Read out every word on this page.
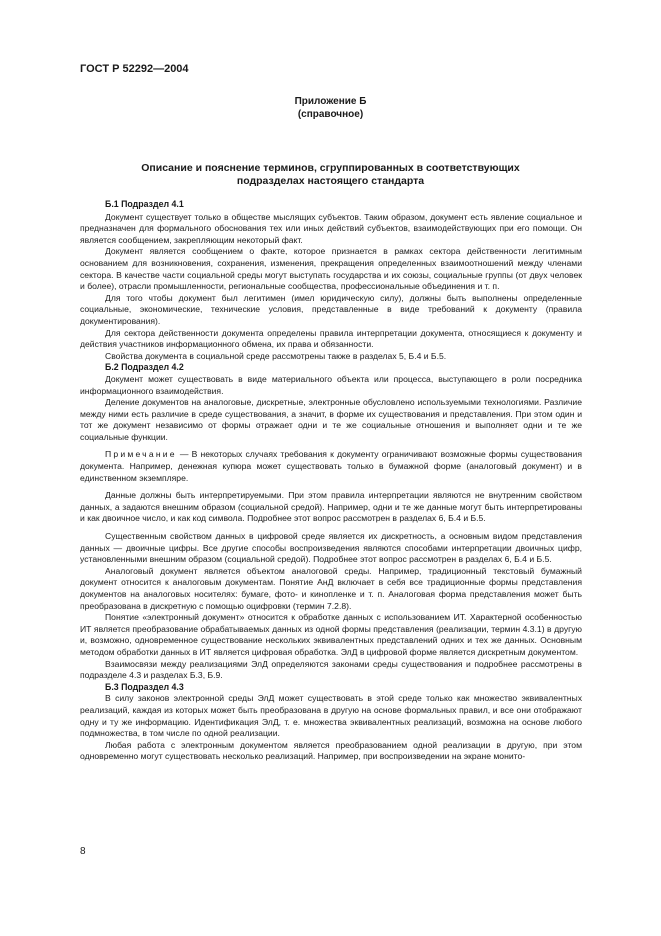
ГОСТ Р 52292—2004
Приложение Б
(справочное)
Описание и пояснение терминов, сгруппированных в соответствующих
подразделах настоящего стандарта
Б.1 Подраздел 4.1

Документ существует только в обществе мыслящих субъектов. Таким образом, документ есть явление социальное и предназначен для формального обоснования тех или иных действий субъектов, взаимодействующих при его помощи. Он является сообщением, закрепляющим некоторый факт.

Документ является сообщением о факте, которое признается в рамках сектора действенности легитимным основанием для возникновения, сохранения, изменения, прекращения определенных взаимоотношений между членами сектора. В качестве части социальной среды могут выступать государства и их союзы, социальные группы (от двух человек и более), отрасли промышленности, региональные сообщества, профессиональные объединения и т. п.

Для того чтобы документ был легитимен (имел юридическую силу), должны быть выполнены определенные социальные, экономические, технические условия, представленные в виде требований к документу (правила документирования).

Для сектора действенности документа определены правила интерпретации документа, относящиеся к документу и действия участников информационного обмена, их права и обязанности.

Свойства документа в социальной среде рассмотрены также в разделах 5, Б.4 и Б.5.

Б.2 Подраздел 4.2

Документ может существовать в виде материального объекта или процесса, выступающего в роли посредника информационного взаимодействия.

Деление документов на аналоговые, дискретные, электронные обусловлено используемыми технологиями. Различие между ними есть различие в среде существования, а значит, в форме их существования и представления. При этом один и тот же документ независимо от формы отражает одни и те же социальные отношения и выполняет одни и те же социальные функции.

Примечание — В некоторых случаях требования к документу ограничивают возможные формы существования документа. Например, денежная купюра может существовать только в бумажной форме (аналоговый документ) и в единственном экземпляре.

Данные должны быть интерпретируемыми. При этом правила интерпретации являются не внутренним свойством данных, а задаются внешним образом (социальной средой). Например, одни и те же данные могут быть интерпретированы и как двоичное число, и как код символа. Подробнее этот вопрос рассмотрен в разделах 6, Б.4 и Б.5.

Существенным свойством данных в цифровой среде является их дискретность, а основным видом представления данных — двоичные цифры. Все другие способы воспроизведения являются способами интерпретации двоичных цифр, установленными внешним образом (социальной средой). Подробнее этот вопрос рассмотрен в разделах 6, Б.4 и Б.5.

Аналоговый документ является объектом аналоговой среды. Например, традиционный текстовый бумажный документ относится к аналоговым документам. Понятие АнД включает в себя все традиционные формы представления документов на аналоговых носителях: бумаге, фото- и кинопленке и т. п. Аналоговая форма представления может быть преобразована в дискретную с помощью оцифровки (термин 7.2.8).

Понятие «электронный документ» относится к обработке данных с использованием ИТ. Характерной особенностью ИТ является преобразование обрабатываемых данных из одной формы представления (реализации, термин 4.3.1) в другую и, возможно, одновременное существование нескольких эквивалентных представлений одних и тех же данных. Основным методом обработки данных в ИТ является цифровая обработка. ЭлД в цифровой форме является дискретным документом.

Взаимосвязи между реализациями ЭлД определяются законами среды существования и подробнее рассмотрены в подразделе 4.3 и разделах Б.3, Б.9.

Б.3 Подраздел 4.3

В силу законов электронной среды ЭлД может существовать в этой среде только как множество эквивалентных реализаций, каждая из которых может быть преобразована в другую на основе формальных правил, и все они отображают одну и ту же информацию. Идентификация ЭлД, т. е. множества эквивалентных реализаций, возможна на основе любого подмножества, в том числе по одной реализации.

Любая работа с электронным документом является преобразованием одной реализации в другую, при этом одновременно могут существовать несколько реализаций. Например, при воспроизведении на экране монито-

8
